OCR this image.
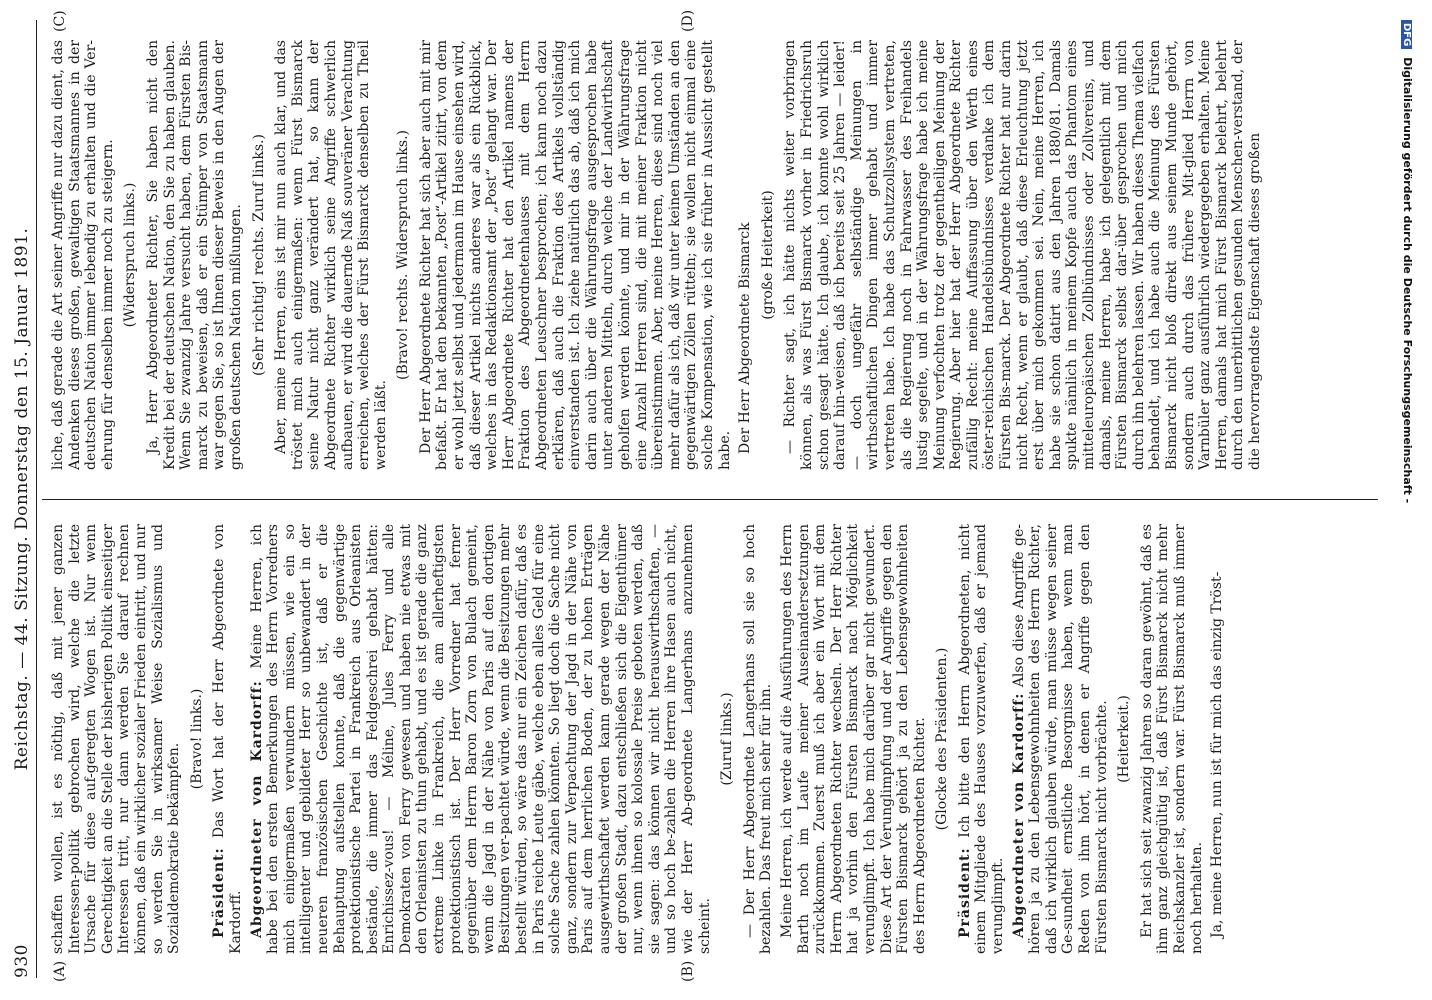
930
Reichstag. — 44. Sitzung. Donnerstag den 15. Januar 1891.
(A)	(B)
(C)	(D)

schaffen wollen, ist es nöthig, daß mit jener ganzen Interessen-politik gebrochen wird, welche die letzte Ursache für diese auf-geregten Wogen ist. Nur wenn Gerechtigkeit an die Stelle der bisherigen Politik einseitiger Interessen tritt, nur dann werden Sie darauf rechnen können, daß ein wirklicher sozialer Frieden eintritt, und nur so werden Sie in wirksamer Weise Sozialismus und Sozialdemokratie bekämpfen.

(Bravo! links.)

Präsident: Das Wort hat der Herr Abgeordnete von Kardorff. Abgeordneter von Kardorff: Meine Herren, ich habe bei den ersten Bemerkungen des Herrn Vorredners mich einigermaßen verwundern müssen, wie ein so intelligenter und gebildeter Herr so unbewandert in der neueren französischen Geschichte ist, daß er die Behauptung aufstellen konnte, daß die gegenwärtige protektionistische Partei in Frankreich aus Orleanisten bestände, die immer das Feldgeschrei gehabt hätten: Enrichissez-vous! — Méline, Jules Ferry und alle Demokraten von Ferry gewesen und haben nie etwas mit den Orleanisten zu thun gehabt, und es ist gerade die ganz extreme Linke in Frankreich, die am allerheftigsten protektionistisch ist. Der Herr Vorredner hat ferner gegenüber dem Herrn Baron Zorn von Bulach gemeint, wenn die Jagd in der Nähe von Paris auf den dortigen Besitzungen ver-pachtet würde, wenn die Besitzungen mehr bestellt würden, so wäre das nur ein Zeichen dafür, daß es in Paris reiche Leute gäbe, welche eben alles Geld für eine solche Sache zahlen könnten. So liegt doch die Sache nicht ganz, sondern zur Verpachtung der Jagd in der Nähe von Paris auf dem herrlichen Boden, der zu hohen Erträgen ausgewirthschaftet werden kann gerade wegen der Nähe der großen Stadt, dazu entschließen sich die Eigenthümer nur, wenn ihnen so kolossale Preise geboten werden, daß sie sagen: das können wir nicht herauswirthschaften, — und so hoch be-zahlen die Herren ihre Hasen auch nicht, wie der Herr Ab-geordnete Langerhans anzunehmen scheint.

(Zuruf links.) — Der Herr Abgeordnete Langerhans soll sie so hoch bezahlen. Das freut mich sehr für ihn. Meine Herren, ich werde auf die Ausführungen des Herrn Barth noch im Laufe meiner Auseinandersetzungen zurückkommen. Zuerst muß ich aber ein Wort mit dem Herrn Abgeordneten Richter wechseln. Der Herr Richter hat ja vorhin den Fürsten Bismarck nach Möglichkeit verunglimpft. Ich habe mich darüber gar nicht gewundert. Diese Art der Verunglimpfung und der Angriffe gegen den Fürsten Bismarck gehört ja zu den Lebensgewohnheiten des Herrn Abgeordneten Richter. (Glocke des Präsidenten.)

Präsident: Ich bitte den Herrn Abgeordneten, nicht einem Mitgliede des Hauses vorzuwerfen, daß er jemand verunglimpft. Abgeordneter von Kardorff: Also diese Angriffe ge-hören ja zu den Lebensgewohnheiten des Herrn Richter, daß ich wirklich glauben würde, man müsse wegen seiner Ge-sundheit ernstliche Besorgnisse haben, wenn man Reden von ihm hört, in denen er Angriffe gegen den Fürsten Bismarck nicht vorbrächte. (Heiterkeit.) Er hat sich seit zwanzig Jahren so daran gewöhnt, daß es ihm ganz gleichgültig ist, daß Fürst Bismarck nicht mehr Reichskanzler ist, sondern war. Fürst Bismarck muß immer noch herhalten. Ja, meine Herren, nun ist für mich das einzig Tröst-

liche, daß gerade die Art seiner Angriffe nur dazu dient, das Andenken dieses großen, gewaltigen Staatsmannes in der deutschen Nation immer lebendig zu erhalten und die Ver-ehrung für denselben immer noch zu steigern. (Widerspruch links.) Ja, Herr Abgeordneter Richter, Sie haben nicht den Kredit bei der deutschen Nation, den Sie zu haben glauben. Wenn Sie zwanzig Jahre versucht haben, dem Fürsten Bis-marck zu beweisen, daß er ein Stümper von Staatsmann war gegen Sie, so ist Ihnen dieser Beweis in den Augen der großen deutschen Nation mißlungen. (Sehr richtig! rechts. Zuruf links.) Aber, meine Herren, eins ist mir nun auch klar, und das tröstet mich auch einigermaßen: wenn Fürst Bismarck seine Natur nicht ganz verändert hat, so kann der Abgeordnete Richter wirklich seine Angriffe schwerlich aufbauen, er wird die dauernde Naß souveräner Verachtung erreichen, welches der Fürst Bismarck denselben zu Theil werden läßt.

(Bravo! rechts. Widerspruch links.) Der Herr Abgeordnete Richter hat sich aber auch mit mir befaßt. Er hat den bekannten „Post“-Artikel zitirt, von dem er wohl jetzt selbst und jedermann im Hause einsehen wird, daß dieser Artikel nichts anderes war als ein Rückblick, welches in das Redaktionsamt der „Post“ gelangt war. Der Herr Abgeordnete Richter hat den Artikel namens der Fraktion des Abgeordnetenhauses mit dem Herrn Abgeordneten Leuschner besprochen; ich kann noch dazu erklären, daß auch die Fraktion des Artikels vollständig einverstanden ist. Ich ziehe natürlich das ab, daß ich mich darin auch über die Währungsfrage ausgesprochen habe unter anderen Mitteln, durch welche der Landwirthschaft geholfen werden könnte, und mir in der Währungsfrage eine Anzahl Herren sind, die mit meiner Fraktion nicht übereinstimmen. Aber, meine Herren, diese sind noch viel mehr dafür als ich, daß wir unter keinen Umständen an den gegenwärtigen Zöllen rütteln; sie wollen nicht einmal eine solche Kompensation, wie ich sie früher in Aussicht gestellt habe. Der Herr Abgeordnete Bismarck (große Heiterkeit) — Richter sagt, ich hätte nichts weiter vorbringen können, als was Fürst Bismarck vorher in Friedrichsruh schon gesagt hätte. Ich glaube, ich konnte wohl wirklich darauf hin-weisen, daß ich bereits seit 25 Jahren — leider! — doch ungefähr selbständige Meinungen in wirthschaftlichen Dingen immer gehabt und immer vertreten habe. Ich habe das Schutzzollsystem vertreten, als die Regierung noch in Fahrwasser des Freihandels lustig segelte, und in der Währungsfrage habe ich meine Meinung verfochten trotz der gegentheiligen Meinung der Regierung. Aber hier hat der Herr Abgeordnete Richter zufällig Recht: meine Auffassung über den Werth eines öster-reichischen Handelsbündnisses verdanke ich dem Fürsten Bis-marck. Der Abgeordnete Richter hat nur darin nicht Recht, wenn er glaubt, daß diese Erleuchtung jetzt erst über mich gekommen sei. Nein, meine Herren, ich habe sie schon datirt aus den Jahren 1880/81. Damals spukte nämlich in meinem Kopfe auch das Phantom eines mitteleuropäischen Zollbündnisses oder Zollvereins, und damals, meine Herren, habe ich gelegentlich mit dem Fürsten Bismarck selbst dar-über gesprochen und mich durch ihn belehren lassen. Wir haben dieses Thema vielfach behandelt, und ich habe auch die Meinung des Fürsten Bismarck nicht bloß direkt aus seinem Munde gehört, sondern auch durch das frühere Mit-glied Herrn von Varnbüler ganz ausführlich wiedergegeben erhalten. Meine Herren, damals hat mich Fürst Bismarck belehrt, belehrt durch den unerbittlichen gesunden Menschen-verstand, der die hervorragendste Eigenschaft dieses großen

DFG Digitalisierung gefördert durch die Deutsche Forschungsgemeinschaft -
